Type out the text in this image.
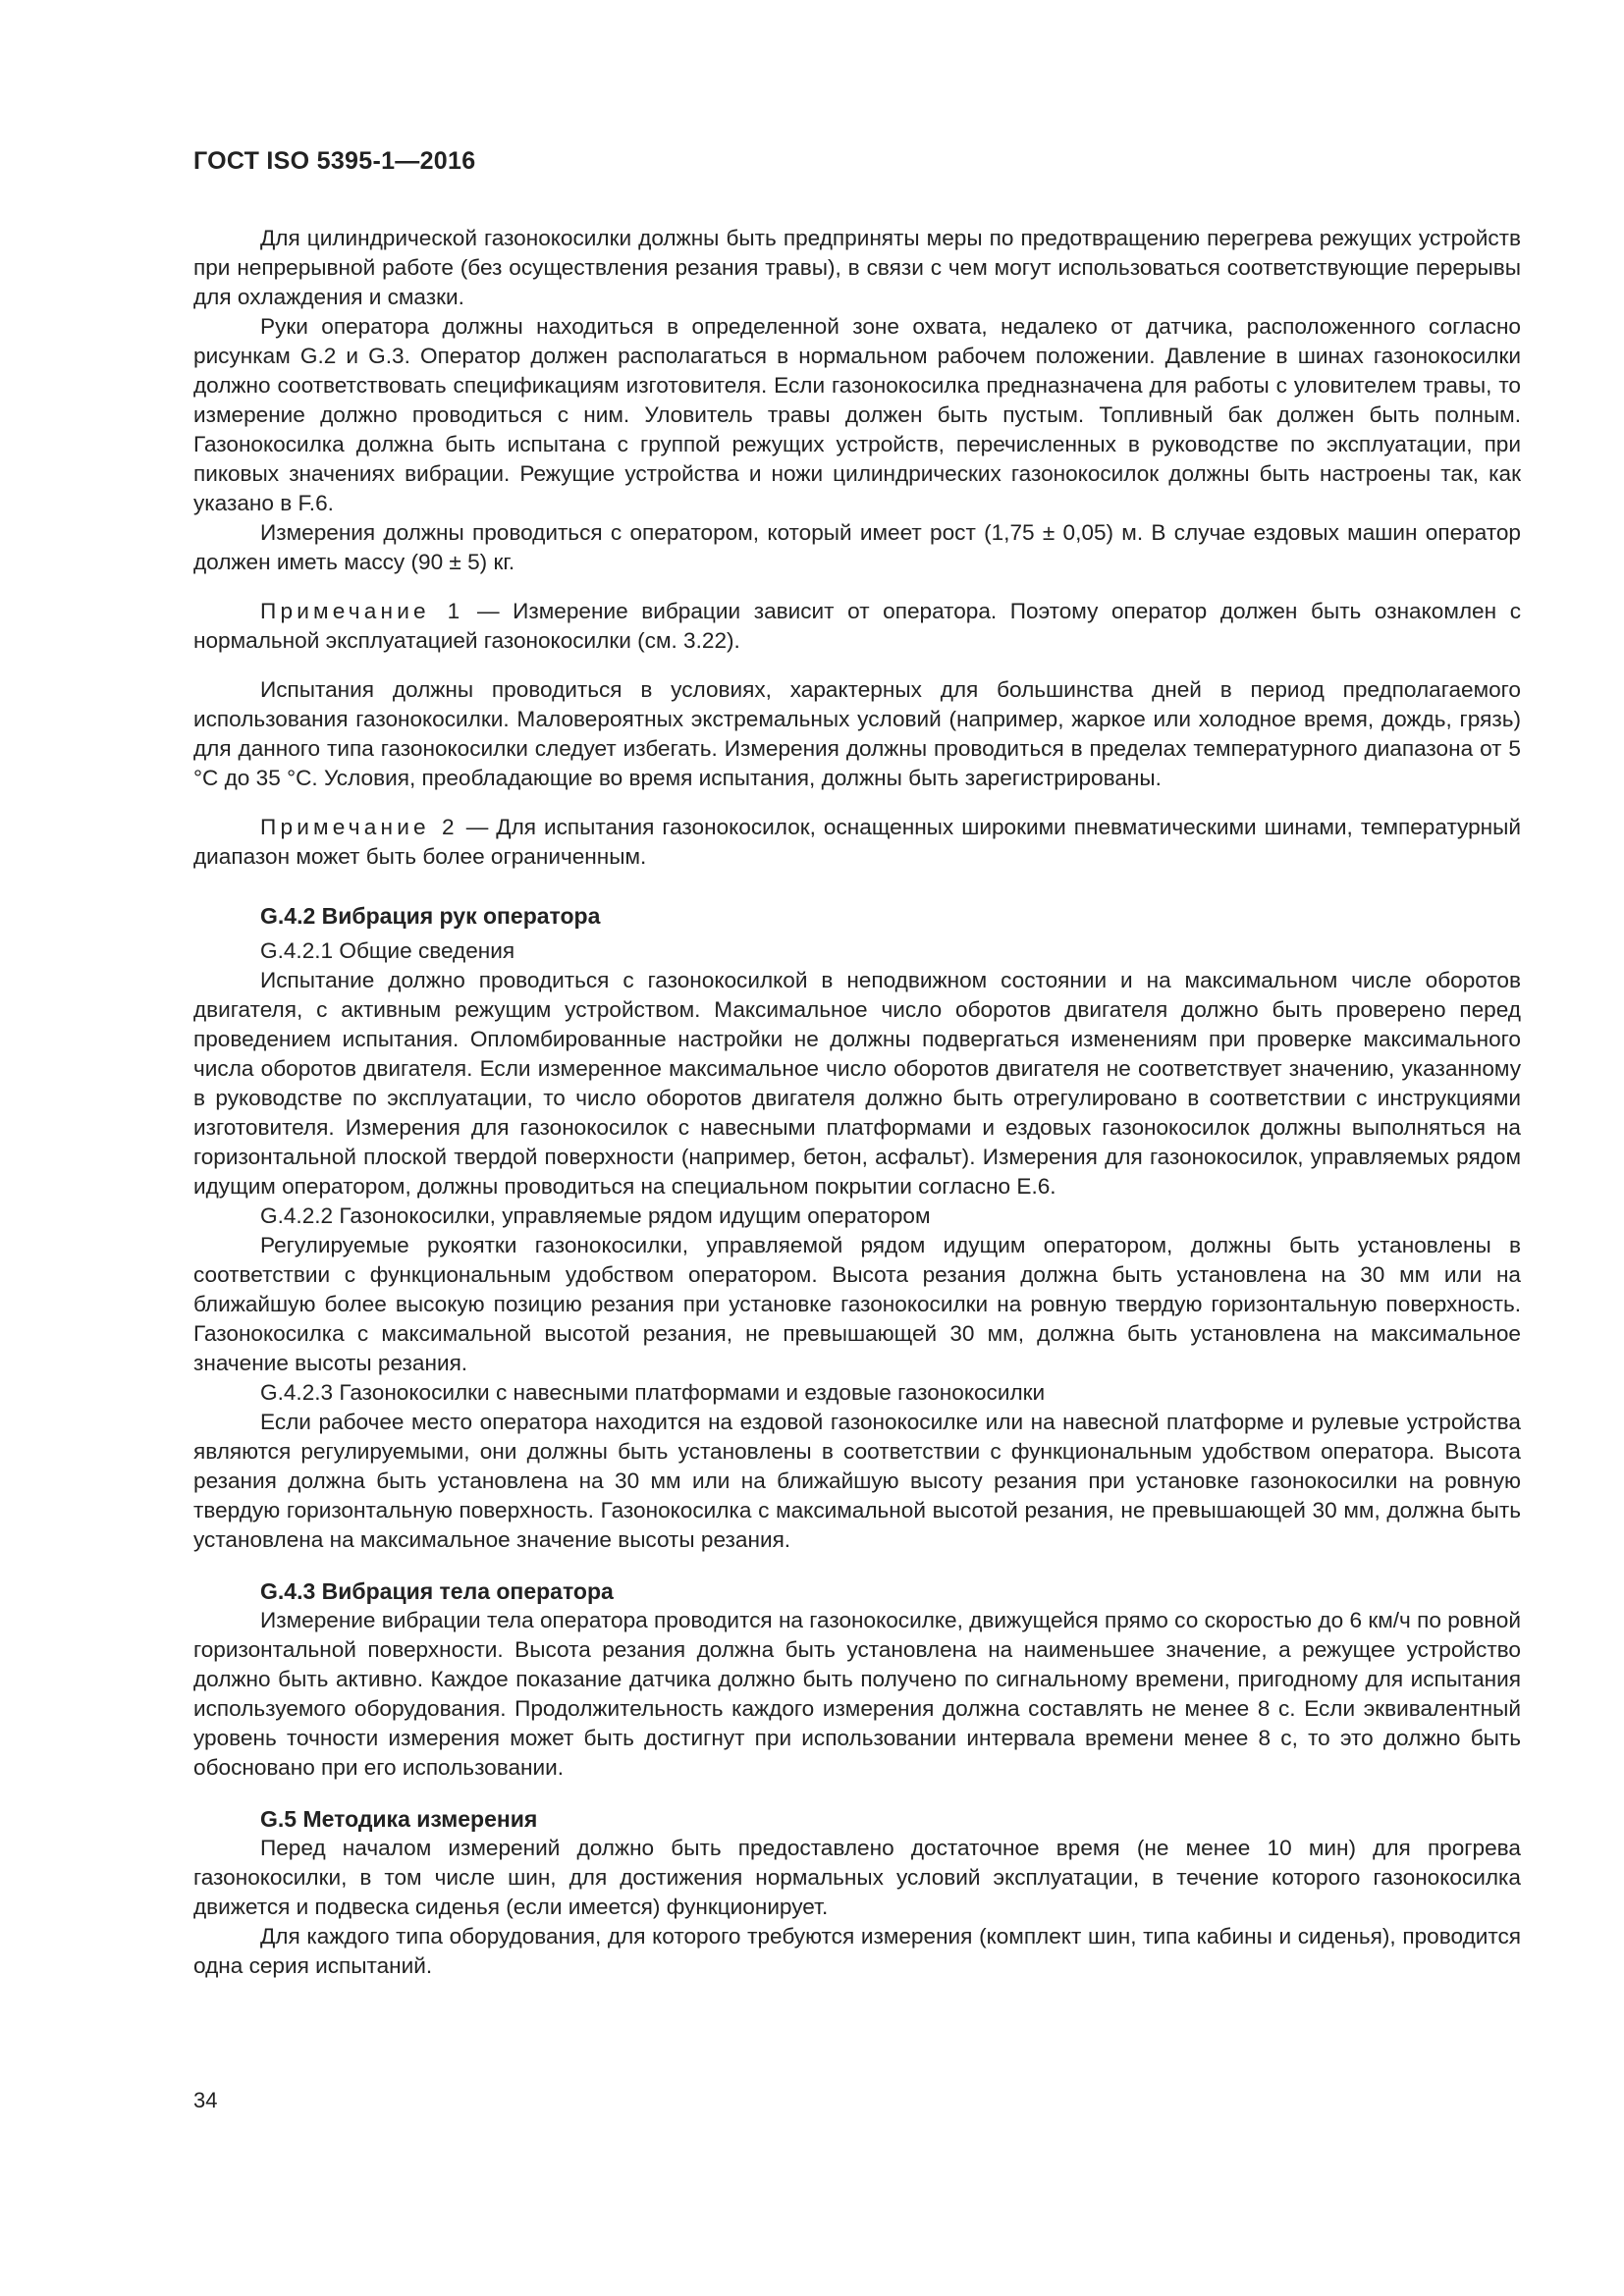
ГОСТ ISO 5395-1—2016

Для цилиндрической газонокосилки должны быть предприняты меры по предотвращению перегрева режущих устройств при непрерывной работе (без осуществления резания травы), в связи с чем могут использоваться соответствующие перерывы для охлаждения и смазки.

Руки оператора должны находиться в определенной зоне охвата, недалеко от датчика, расположенного согласно рисункам G.2 и G.3. Оператор должен располагаться в нормальном рабочем положении. Давление в шинах газонокосилки должно соответствовать спецификациям изготовителя. Если газонокосилка предназначена для работы с уловителем травы, то измерение должно проводиться с ним. Уловитель травы должен быть пустым. Топливный бак должен быть полным. Газонокосилка должна быть испытана с группой режущих устройств, перечисленных в руководстве по эксплуатации, при пиковых значениях вибрации. Режущие устройства и ножи цилиндрических газонокосилок должны быть настроены так, как указано в F.6.

Измерения должны проводиться с оператором, который имеет рост (1,75 ± 0,05) м. В случае ездовых машин оператор должен иметь массу (90 ± 5) кг.

Примечание 1 — Измерение вибрации зависит от оператора. Поэтому оператор должен быть ознакомлен с нормальной эксплуатацией газонокосилки (см. 3.22).

Испытания должны проводиться в условиях, характерных для большинства дней в период предполагаемого использования газонокосилки. Маловероятных экстремальных условий (например, жаркое или холодное время, дождь, грязь) для данного типа газонокосилки следует избегать. Измерения должны проводиться в пределах температурного диапазона от 5 °С до 35 °С. Условия, преобладающие во время испытания, должны быть зарегистрированы.

Примечание 2 — Для испытания газонокосилок, оснащенных широкими пневматическими шинами, температурный диапазон может быть более ограниченным.

G.4.2 Вибрация рук оператора
G.4.2.1 Общие сведения

Испытание должно проводиться с газонокосилкой в неподвижном состоянии и на максимальном числе оборотов двигателя, с активным режущим устройством. Максимальное число оборотов двигателя должно быть проверено перед проведением испытания. Опломбированные настройки не должны подвергаться изменениям при проверке максимального числа оборотов двигателя. Если измеренное максимальное число оборотов двигателя не соответствует значению, указанному в руководстве по эксплуатации, то число оборотов двигателя должно быть отрегулировано в соответствии с инструкциями изготовителя. Измерения для газонокосилок с навесными платформами и ездовых газонокосилок должны выполняться на горизонтальной плоской твердой поверхности (например, бетон, асфальт). Измерения для газонокосилок, управляемых рядом идущим оператором, должны проводиться на специальном покрытии согласно E.6.

G.4.2.2 Газонокосилки, управляемые рядом идущим оператором

Регулируемые рукоятки газонокосилки, управляемой рядом идущим оператором, должны быть установлены в соответствии с функциональным удобством оператором. Высота резания должна быть установлена на 30 мм или на ближайшую более высокую позицию резания при установке газонокосилки на ровную твердую горизонтальную поверхность. Газонокосилка с максимальной высотой резания, не превышающей 30 мм, должна быть установлена на максимальное значение высоты резания.

G.4.2.3 Газонокосилки с навесными платформами и ездовые газонокосилки

Если рабочее место оператора находится на ездовой газонокосилке или на навесной платформе и рулевые устройства являются регулируемыми, они должны быть установлены в соответствии с функциональным удобством оператора. Высота резания должна быть установлена на 30 мм или на ближайшую высоту резания при установке газонокосилки на ровную твердую горизонтальную поверхность. Газонокосилка с максимальной высотой резания, не превышающей 30 мм, должна быть установлена на максимальное значение высоты резания.

G.4.3 Вибрация тела оператора

Измерение вибрации тела оператора проводится на газонокосилке, движущейся прямо со скоростью до 6 км/ч по ровной горизонтальной поверхности. Высота резания должна быть установлена на наименьшее значение, а режущее устройство должно быть активно. Каждое показание датчика должно быть получено по сигнальному времени, пригодному для испытания используемого оборудования. Продолжительность каждого измерения должна составлять не менее 8 с. Если эквивалентный уровень точности измерения может быть достигнут при использовании интервала времени менее 8 с, то это должно быть обосновано при его использовании.

G.5 Методика измерения

Перед началом измерений должно быть предоставлено достаточное время (не менее 10 мин) для прогрева газонокосилки, в том числе шин, для достижения нормальных условий эксплуатации, в течение которого газонокосилка движется и подвеска сиденья (если имеется) функционирует.

Для каждого типа оборудования, для которого требуются измерения (комплект шин, типа кабины и сиденья), проводится одна серия испытаний.

34
